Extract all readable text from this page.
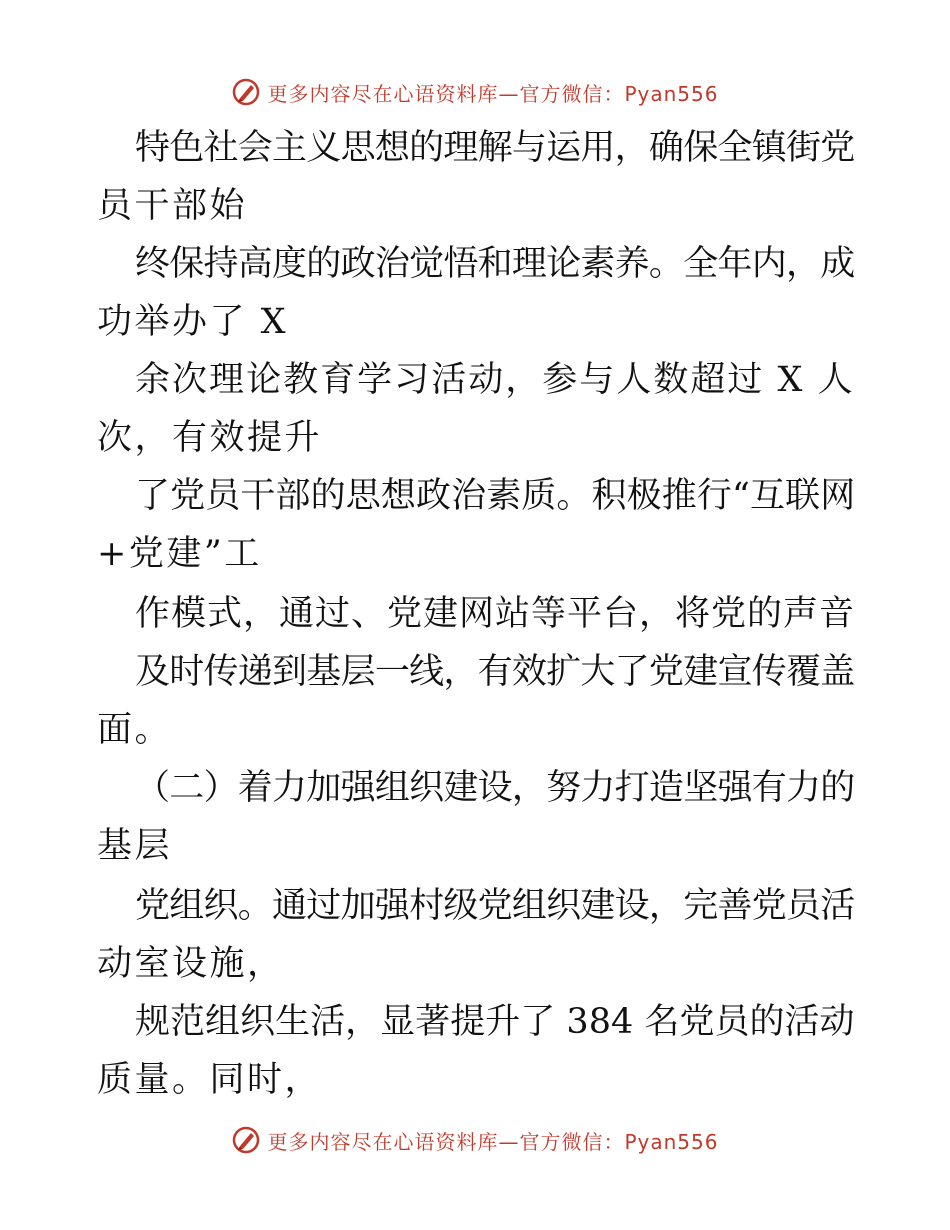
更多内容尽在心语资料库—官方微信：Pyan556
特色社会主义思想的理解与运用，确保全镇街党
员干部始
终保持高度的政治觉悟和理论素养。全年内，成
功举办了 X
余次理论教育学习活动，参与人数超过 X 人
次，有效提升
了党员干部的思想政治素质。积极推行“互联网
+党建”工
作模式，通过、党建网站等平台，将党的声音
及时传递到基层一线，有效扩大了党建宣传覆盖
面。
（二）着力加强组织建设，努力打造坚强有力的
基层
党组织。通过加强村级党组织建设，完善党员活
动室设施，
规范组织生活，显著提升了 384 名党员的活动
质量。同时，
更多内容尽在心语资料库—官方微信：Pyan556
